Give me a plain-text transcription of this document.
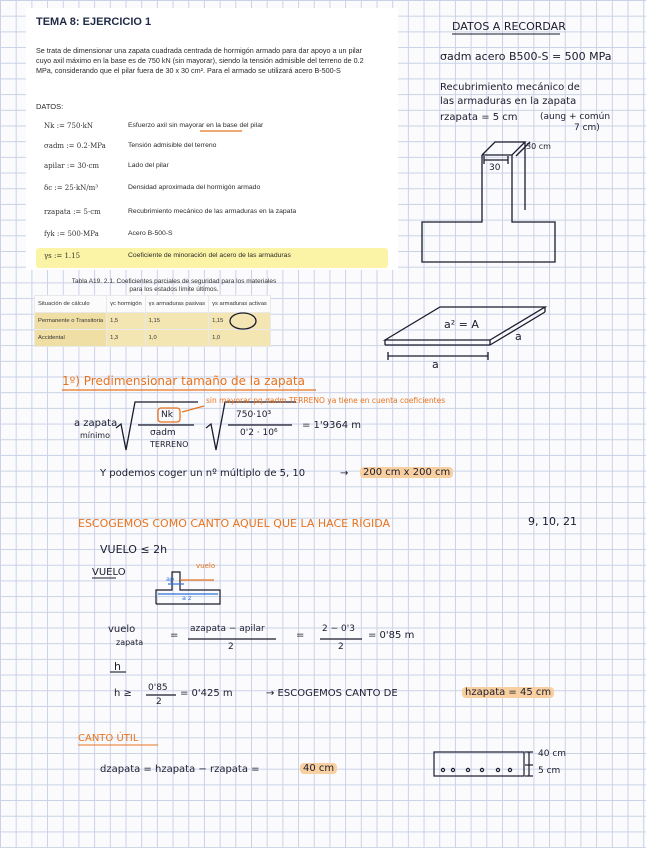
TEMA 8: EJERCICIO 1
Se trata de dimensionar una zapata cuadrada centrada de hormigón armado para dar apoyo a un pilar cuyo axil máximo en la base es de 750 kN (sin mayorar), siendo la tensión admisible del terreno de 0.2 MPa, considerando que el pilar fuera de 30 x 30 cm². Para el armado se utilizará acero B-500-S
DATOS:
Nk := 750·kN	Esfuerzo axil sin mayorar en la base del pilar
σadm := 0.2·MPa	Tensión admisible del terreno
apilar := 30·cm	Lado del pilar
δc := 25·kN/m³	Densidad aproximada del hormigón armado
rzapata := 5·cm	Recubrimiento mecánico de las armaduras en la zapata
fyk := 500·MPa	Acero B-500-S
γs := 1.15	Coeficiente de minoración del acero de las armaduras
Tabla A19. 2.1. Coeficientes parciales de seguridad para los materiales
para los estados límite últimos.
Situación de cálculo	γc hormigón	γs armaduras pasivas	γs armaduras activas
Permanente o Transitoria	1,5	1,15	1,15
Accidental	1,3	1,0	1,0
DATOS A RECORDAR
σadm acero B500-S = 500 MPa
Recubrimiento mecánico de
las armaduras en la zapata
rzapata = 5 cm (aung + común
7 cm)
30
30 cm
a² = A
a
a
1º) Predimensionar tamaño de la zapata
sin mayorar pq σadm TERRENO ya tiene en cuenta coeficientes
a zapata
mínimo
Nk
σadm
TERRENO
750·10³
0'2 · 10⁶
= 1'9364 m
Y podemos coger un nº múltiplo de 5, 10	→	200 cm x 200 cm
ESCOGEMOS COMO CANTO AQUEL QUE LA HACE RÍGIDA	9, 10, 21
VUELO ≤ 2h
VUELO
vuelo
ap
a z
vuelo
zapata
=
azapata − apilar
2
=
2 − 0'3
2
= 0'85 m
h
h ≥ 0'85
2
= 0'425 m	→ ESCOGEMOS CANTO DE	hzapata = 45 cm
CANTO ÚTIL
dzapata = hzapata − rzapata =	40 cm
40 cm
5 cm
